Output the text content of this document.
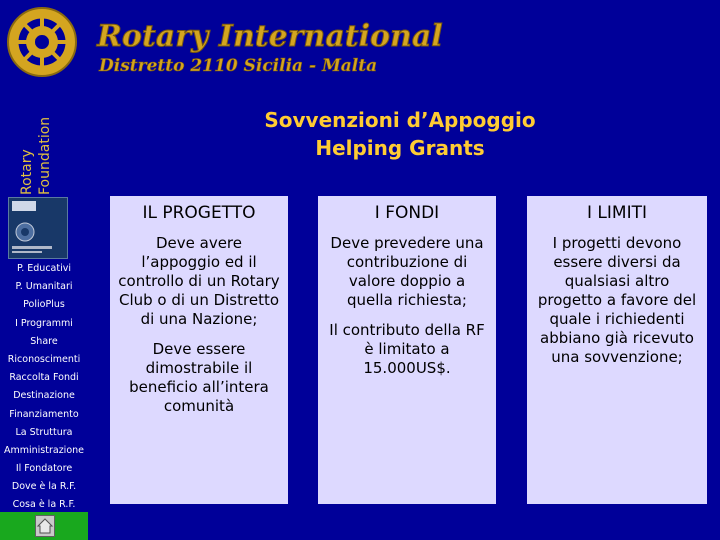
Rotary Foundation
P. Educativi
P. Umanitari
PolioPlus
I Programmi
Share
Riconoscimenti
Raccolta Fondi
Destinazione
Finanziamento
La Struttura
Amministrazione
Il Fondatore
Dove è la R.F.
Cosa è la R.F.
Rotary International
Distretto 2110 Sicilia - Malta
Sovvenzioni d’Appoggio
Helping Grants
IL PROGETTO

Deve avere l’appoggio ed il controllo di un Rotary Club o di un Distretto di una Nazione;

Deve essere dimostrabile il beneficio all’intera comunità

I FONDI

Deve prevedere una contribuzione di valore doppio a quella richiesta;

Il contributo della RF è limitato a 15.000US$.

I LIMITI

I progetti devono essere diversi da qualsiasi altro progetto a favore del quale i richiedenti abbiano già ricevuto una sovvenzione;
